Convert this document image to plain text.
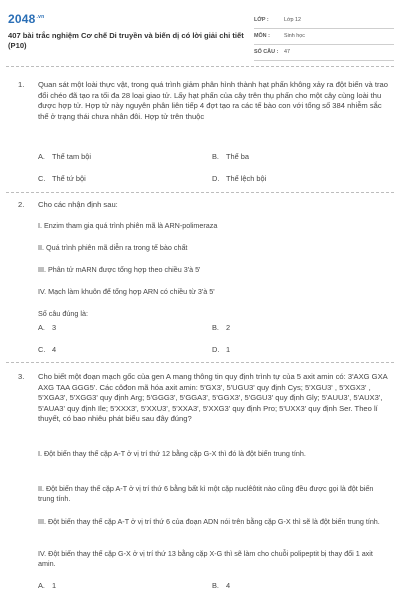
$2048^{.vn}$
407 bài trắc nghiệm Cơ chế Di truyền và biến dị có lời giải chi tiết (P10)
LỚP :	Lớp 12
MÔN :	Sinh học
SỐ CÂU : 47
1. Quan sát một loài thực vật, trong quá trình giảm phân hình thành hạt phấn không xảy ra đột biến và trao đổi chéo đã tạo ra tối đa 28 loại giao tử. Lấy hạt phấn của cây trên thụ phấn cho một cây cùng loài thu được hợp tử. Hợp tử này nguyên phân liên tiếp 4 đợt tạo ra các tế bào con với tổng số 384 nhiễm sắc thể ở trạng thái chưa nhân đôi. Hợp tử trên thuộc
A. Thể tam bội	B. Thể ba
C. Thể tứ bội	D. Thể lệch bội
2. Cho các nhận định sau:
I. Enzim tham gia quá trình phiên mã là ARN-polimeraza
II. Quá trình phiên mã diễn ra trong tế bào chất
III. Phân tử mARN được tổng hợp theo chiều 3'à 5'
IV. Mạch làm khuôn để tổng hợp ARN có chiều từ 3'à 5'
Số câu đúng là:
A. 3	B. 2
C. 4	D. 1
3. Cho biết một đoạn mạch gốc của gen A mang thông tin quy định trình tự của 5 axit amin có: 3'AXG GXA AXG TAA GGG5'. Các côđon mã hóa axit amin: 5'GX3', 5'UGU3' quy định Cys; 5'XGU3' , 5'XGX3' , 5'XGA3', 5'XGG3' quy định Arg; 5'GGG3', 5'GGA3', 5'GGX3', 5'GGU3' quy định Gly; 5'AUU3', 5'AUX3', 5'AUA3' quy định Ile; 5'XXX3', 5'XXU3', 5'XXA3', 5'XXG3' quy định Pro; 5'UXX3' quy định Ser. Theo lí thuyết, có bao nhiêu phát biểu sau đây đúng?
I. Đột biến thay thế cặp A-T ở vị trí thứ 12 bằng cặp G-X thì đó là đột biến trung tính.
II. Đột biến thay thế cặp A-T ở vị trí thứ 6 bằng bất kì một cặp nuclêôtit nào cũng đều được gọi là đột biến trung tính.
III. Đột biến thay thế cặp A-T ở vị trí thứ 6 của đoạn ADN nói trên bằng cặp G-X thì sẽ là đột biến trung tính.
IV. Đột biến thay thế cặp G-X ở vị trí thứ 13 bằng cặp X-G thì sẽ làm cho chuỗi polipeptit bị thay đổi 1 axit amin.
A. 1	B. 4
